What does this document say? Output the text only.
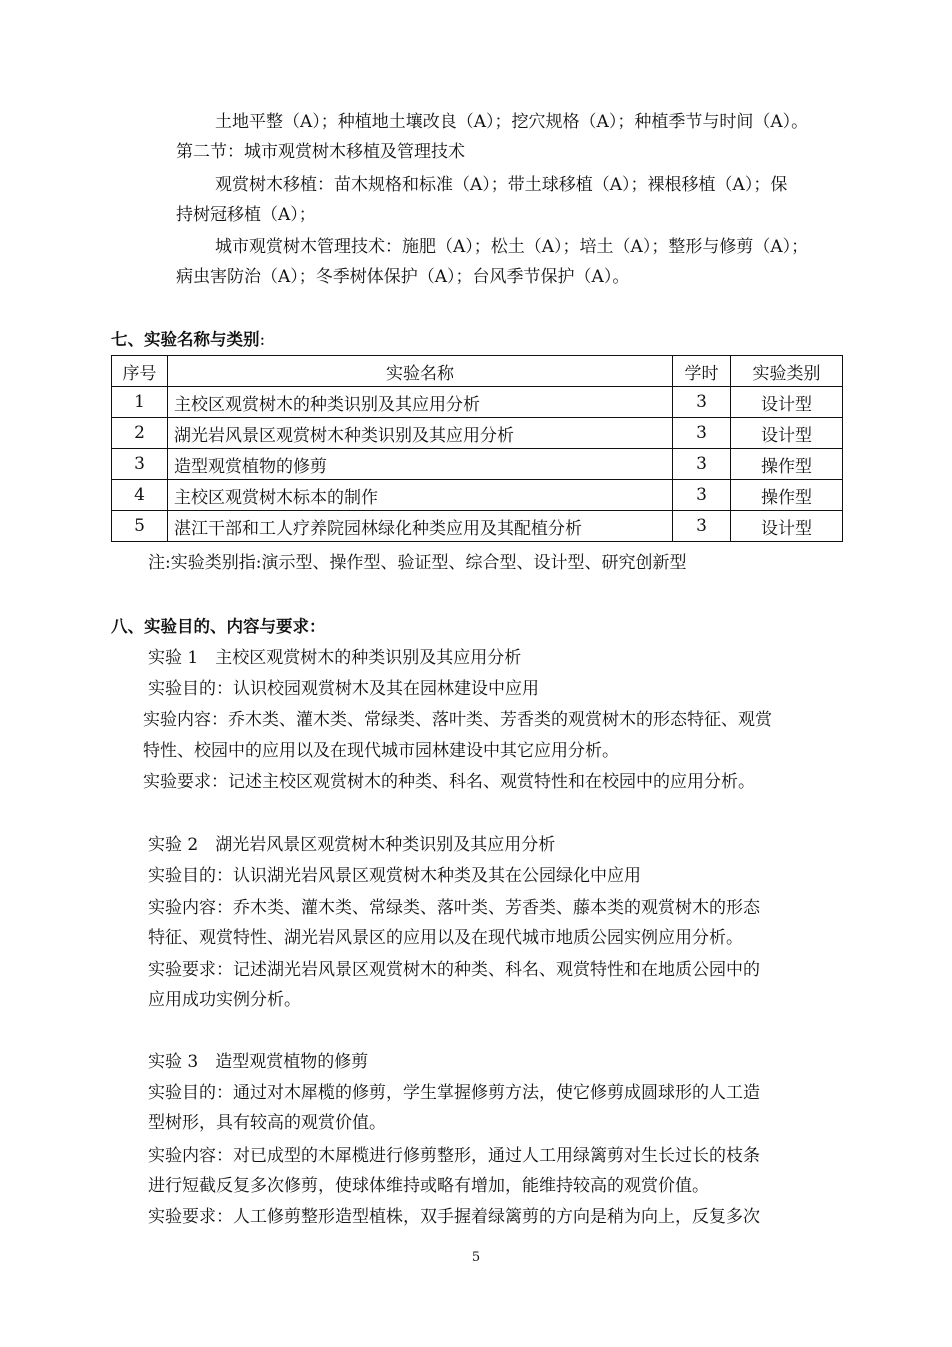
土地平整（A）；种植地土壤改良（A）；挖穴规格（A）；种植季节与时间（A）。
第二节：城市观赏树木移植及管理技术
观赏树木移植：苗木规格和标准（A）；带土球移植（A）；裸根移植（A）；保
持树冠移植（A）；
城市观赏树木管理技术：施肥（A）；松土（A）；培土（A）；整形与修剪（A）；
病虫害防治（A）；冬季树体保护（A）；台风季节保护（A）。
七、实验名称与类别:
序号	实验名称	学时	实验类别
1	主校区观赏树木的种类识别及其应用分析	3	设计型
2	湖光岩风景区观赏树木种类识别及其应用分析	3	设计型
3	造型观赏植物的修剪	3	操作型
4	主校区观赏树木标本的制作	3	操作型
5	湛江干部和工人疗养院园林绿化种类应用及其配植分析	3	设计型
注:实验类别指:演示型、操作型、验证型、综合型、设计型、研究创新型
八、实验目的、内容与要求：
实验 1　主校区观赏树木的种类识别及其应用分析
实验目的：认识校园观赏树木及其在园林建设中应用
实验内容：乔木类、灌木类、常绿类、落叶类、芳香类的观赏树木的形态特征、观赏
特性、校园中的应用以及在现代城市园林建设中其它应用分析。
实验要求：记述主校区观赏树木的种类、科名、观赏特性和在校园中的应用分析。
实验 2　湖光岩风景区观赏树木种类识别及其应用分析
实验目的：认识湖光岩风景区观赏树木种类及其在公园绿化中应用
实验内容：乔木类、灌木类、常绿类、落叶类、芳香类、藤本类的观赏树木的形态
特征、观赏特性、湖光岩风景区的应用以及在现代城市地质公园实例应用分析。
实验要求：记述湖光岩风景区观赏树木的种类、科名、观赏特性和在地质公园中的
应用成功实例分析。
实验 3　造型观赏植物的修剪
实验目的：通过对木犀榄的修剪，学生掌握修剪方法，使它修剪成圆球形的人工造
型树形，具有较高的观赏价值。
实验内容：对已成型的木犀榄进行修剪整形，通过人工用绿篱剪对生长过长的枝条
进行短截反复多次修剪，使球体维持或略有增加，能维持较高的观赏价值。
实验要求：人工修剪整形造型植株，双手握着绿篱剪的方向是稍为向上，反复多次
5
